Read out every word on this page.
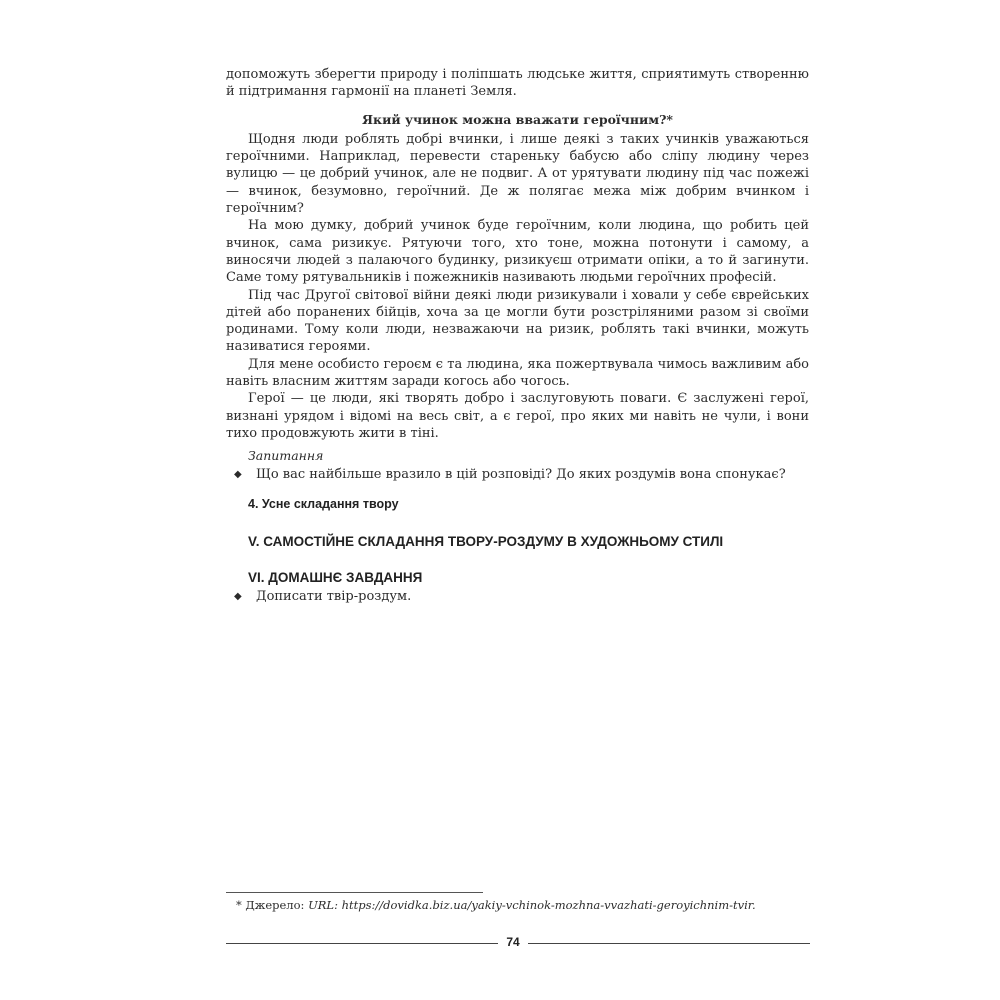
допоможуть зберегти природу і поліпшать людське життя, сприятимуть створенню й підтримання гармонії на планеті Земля.

Який учинок можна вважати героїчним?*

Щодня люди роблять добрі вчинки, і лише деякі з таких учинків уважаються героїчними. Наприклад, перевести стареньку бабусю або сліпу людину через вулицю — це добрий учинок, але не подвиг. А от урятувати людину під час пожежі — вчинок, безумовно, героїчний. Де ж полягає межа між добрим вчинком і героїчним?

На мою думку, добрий учинок буде героїчним, коли людина, що робить цей вчинок, сама ризикує. Рятуючи того, хто тоне, можна потонути і самому, а виносячи людей з палаючого будинку, ризикуєш отримати опіки, а то й загинути. Саме тому рятувальників і пожежників називають людьми героїчних професій.

Під час Другої світової війни деякі люди ризикували і ховали у себе єврейських дітей або поранених бійців, хоча за це могли бути розстріляними разом зі своїми родинами. Тому коли люди, незважаючи на ризик, роблять такі вчинки, можуть називатися героями.

Для мене особисто героєм є та людина, яка пожертвувала чимось важливим або навіть власним життям заради когось або чогось.

Герої — це люди, які творять добро і заслуговують поваги. Є заслужені герої, визнані урядом і відомі на весь світ, а є герої, про яких ми навіть не чули, і вони тихо продовжують жити в тіні.

Запитання
◆	Що вас найбільше вразило в цій розповіді? До яких роздумів вона спонукає?
4. Усне складання твору
V. САМОСТІЙНЕ СКЛАДАННЯ ТВОРУ-РОЗДУМУ В ХУДОЖНЬОМУ СТИЛІ
VI. ДОМАШНЄ ЗАВДАННЯ
◆	Дописати твір-роздум.
* Джерело: URL: https://dovidka.biz.ua/yakiy-vchinok-mozhna-vvazhati-geroyichnim-tvir.
74
